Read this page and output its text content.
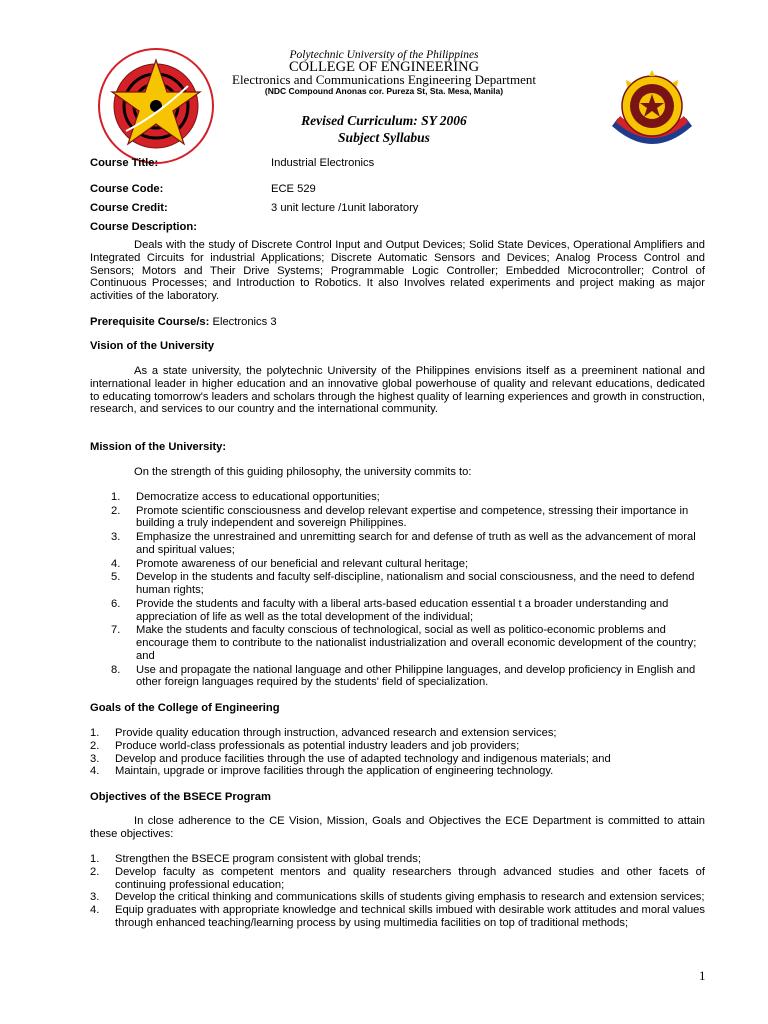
Polytechnic University of the Philippines
COLLEGE OF ENGINEERING
Electronics and Communications Engineering Department
(NDC Compound Anonas cor. Pureza St, Sta. Mesa, Manila)
Revised Curriculum: SY 2006
Subject Syllabus
Course Title:	Industrial Electronics
Course Code:	ECE 529
Course Credit:	3 unit lecture /1unit laboratory
Course Description:
Deals with the study of Discrete Control Input and Output Devices; Solid State Devices, Operational Amplifiers and Integrated Circuits for industrial Applications; Discrete Automatic Sensors and Devices; Analog Process Control and Sensors; Motors and Their Drive Systems; Programmable Logic Controller; Embedded Microcontroller; Control of Continuous Processes; and Introduction to Robotics. It also Involves related experiments and project making as major activities of the laboratory.
Prerequisite Course/s: Electronics 3
Vision of the University
As a state university, the polytechnic University of the Philippines envisions itself as a preeminent national and international leader in higher education and an innovative global powerhouse of quality and relevant educations, dedicated to educating tomorrow's leaders and scholars through the highest quality of learning experiences and growth in construction, research, and services to our country and the international community.
Mission of the University:
On the strength of this guiding philosophy, the university commits to:
1. Democratize access to educational opportunities;
2. Promote scientific consciousness and develop relevant expertise and competence, stressing their importance in building a truly independent and sovereign Philippines.
3. Emphasize the unrestrained and unremitting search for and defense of truth as well as the advancement of moral and spiritual values;
4. Promote awareness of our beneficial and relevant cultural heritage;
5. Develop in the students and faculty self-discipline, nationalism and social consciousness, and the need to defend human rights;
6. Provide the students and faculty with a liberal arts-based education essential t a broader understanding and appreciation of life as well as the total development of the individual;
7. Make the students and faculty conscious of technological, social as well as politico-economic problems and encourage them to contribute to the nationalist industrialization and overall economic development of the country; and
8. Use and propagate the national language and other Philippine languages, and develop proficiency in English and other foreign languages required by the students' field of specialization.
Goals of the College of Engineering
1. Provide quality education through instruction, advanced research and extension services;
2. Produce world-class professionals as potential industry leaders and job providers;
3. Develop and produce facilities through the use of adapted technology and indigenous materials; and
4. Maintain, upgrade or improve facilities through the application of engineering technology.
Objectives of the BSECE Program
In close adherence to the CE Vision, Mission, Goals and Objectives the ECE Department is committed to attain these objectives:
1. Strengthen the BSECE program consistent with global trends;
2. Develop faculty as competent mentors and quality researchers through advanced studies and other facets of continuing professional education;
3. Develop the critical thinking and communications skills of students giving emphasis to research and extension services;
4. Equip graduates with appropriate knowledge and technical skills imbued with desirable work attitudes and moral values through enhanced teaching/learning process by using multimedia facilities on top of traditional methods;
1
